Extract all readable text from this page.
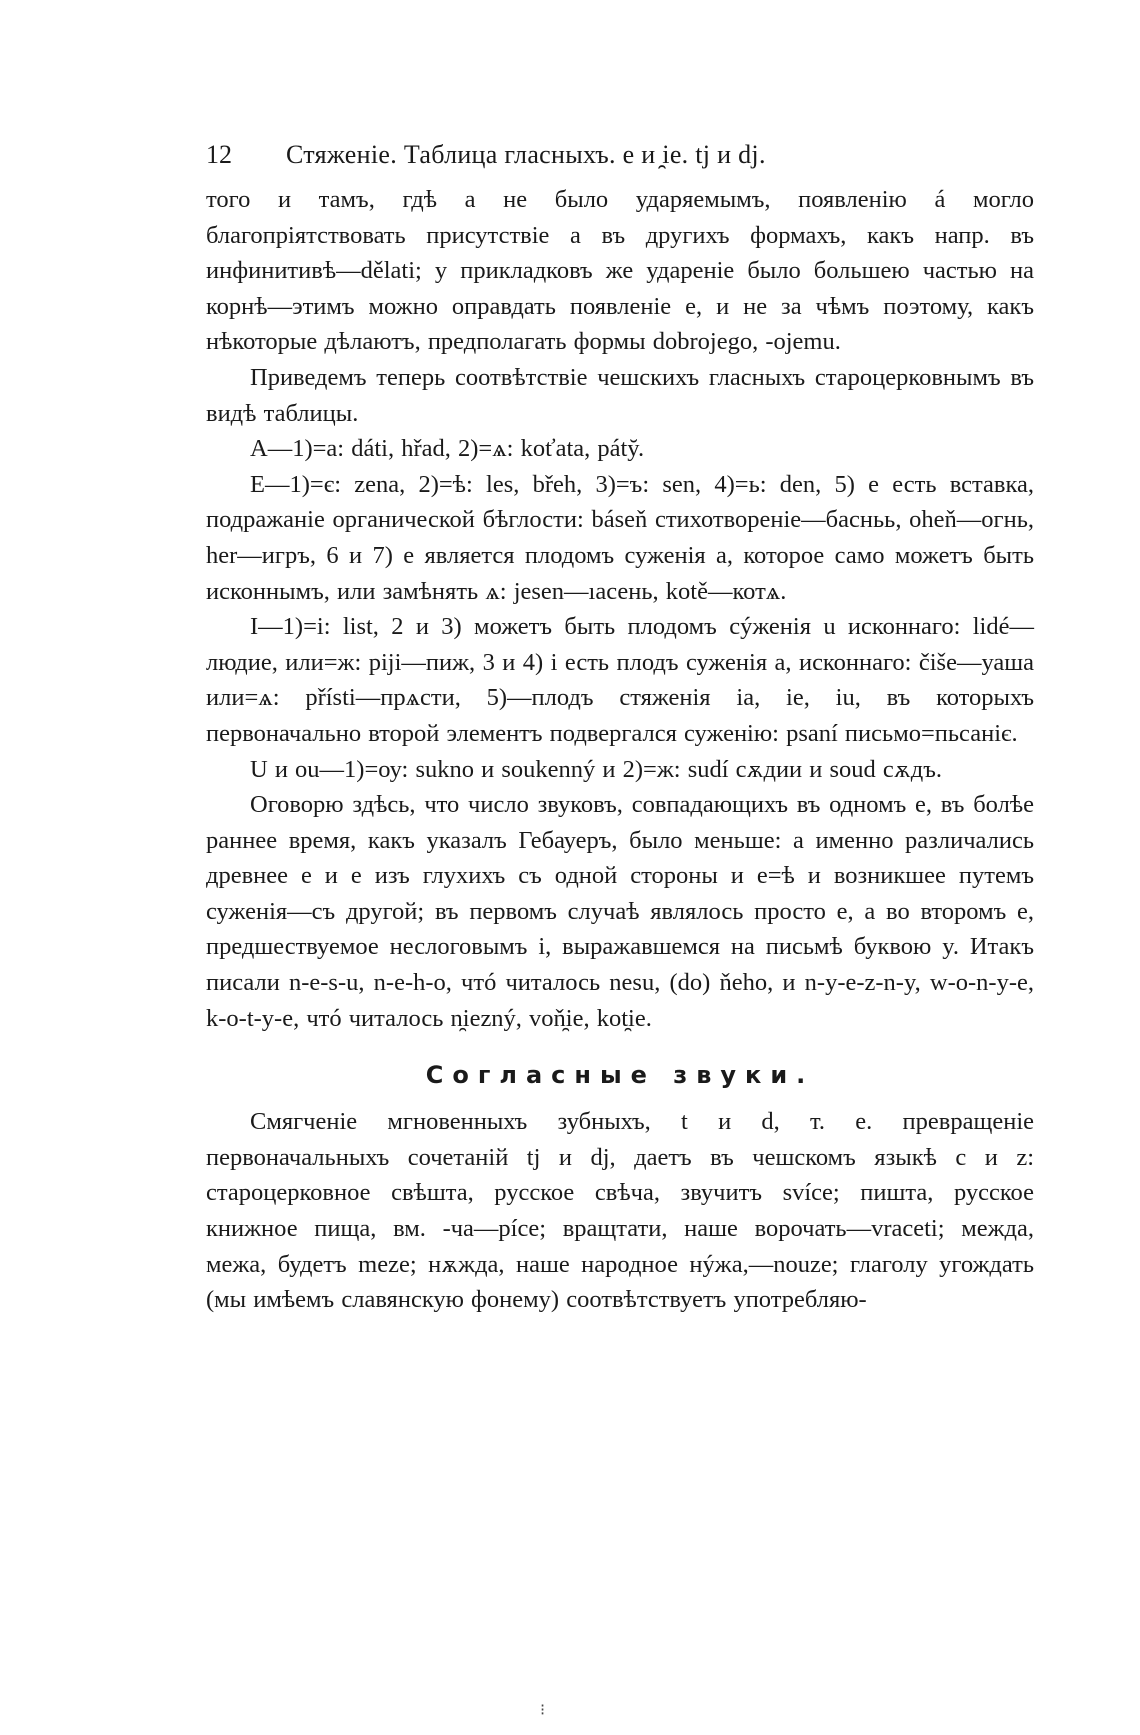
12	Стяженіе. Таблица гласныхъ. е и ̯ie. tj и dj.

того и тамъ, гдѣ a не было ударяемымъ, появленію á могло благопріятствовать присутствіе a въ другихъ формахъ, какъ напр. въ инфинитивѣ—dělati; у прикладковъ же удареніе было большею частью на корнѣ—этимъ можно оправдать появленіе e, и не за чѣмъ поэтому, какъ нѣкоторые дѣлаютъ, предполагать формы dobrojego, -ojemu.

Приведемъ теперь соотвѣтствіе чешскихъ гласныхъ староцерковнымъ въ видѣ таблицы.

A—1)=а: dáti, hřad, 2)=ѧ: koťata, páty̆.

E—1)=є: zena, 2)=ѣ: les, břeh, 3)=ъ: sen, 4)=ь: den, 5) e есть вставка, подражаніе органической бѣглости: báseň стихотвореніе—басньь, oheň—огнь, her—игръ, 6 и 7) e является плодомъ суженія a, которое само можетъ быть исконнымъ, или замѣнять ѧ: jesen—ıасень, kotě—котѧ.

I—1)=i: list, 2 и 3) можетъ быть плодомъ сýженія u исконнаго: lidé—людие, или=ж: piji—пиж, 3 и 4) i есть плодъ суженія a, исконнаго: čiše—уаша или=ѧ: přísti—прѧсти, 5)—плодъ стяженія ia, ie, iu, въ которыхъ первоначально второй элементъ подвергался суженію: psaní письмо=пьсаніє.

U и ou—1)=оу: sukno и soukenný и 2)=ж: sudí сѫдии и soud сѫдъ.

Оговорю здѣсь, что число звуковъ, совпадающихъ въ одномъ e, въ болѣе раннее время, какъ указалъ Гебауеръ, было меньше: а именно различались древнее e и e изъ глухихъ съ одной стороны и e=ѣ и возникшее путемъ суженія—съ другой; въ первомъ случаѣ являлось просто e, а во второмъ e, предшествуемое неслоговымъ i, выражавшемся на письмѣ буквою y. Итакъ писали n-e-s-u, n-e-h-o, чтó читалось nesu, (do) ňeho, и n-y-e-z-n-y, w-o-n-y-e, k-o-t-y-e, чтó читалось n̯iezný, voň̯ie, kot̯ie.

Согласные звуки.

Смягченіе мгновенныхъ зубныхъ, t и d, т. е. превращеніе первоначальныхъ сочетаній tj и dj, даетъ въ чешскомъ языкѣ c и z: староцерковное свѣшта, русское свѣча, звучитъ svíce; пишта, русское книжное пища, вм. -ча—píce; вращтати, наше ворочать—vraceti; межда, межа, будетъ meze; нѫжда, наше народное нýжа,—nouze; глаголу угождать (мы имѣемъ славянскую фонему) соотвѣтствуетъ употребляю-

⁝
